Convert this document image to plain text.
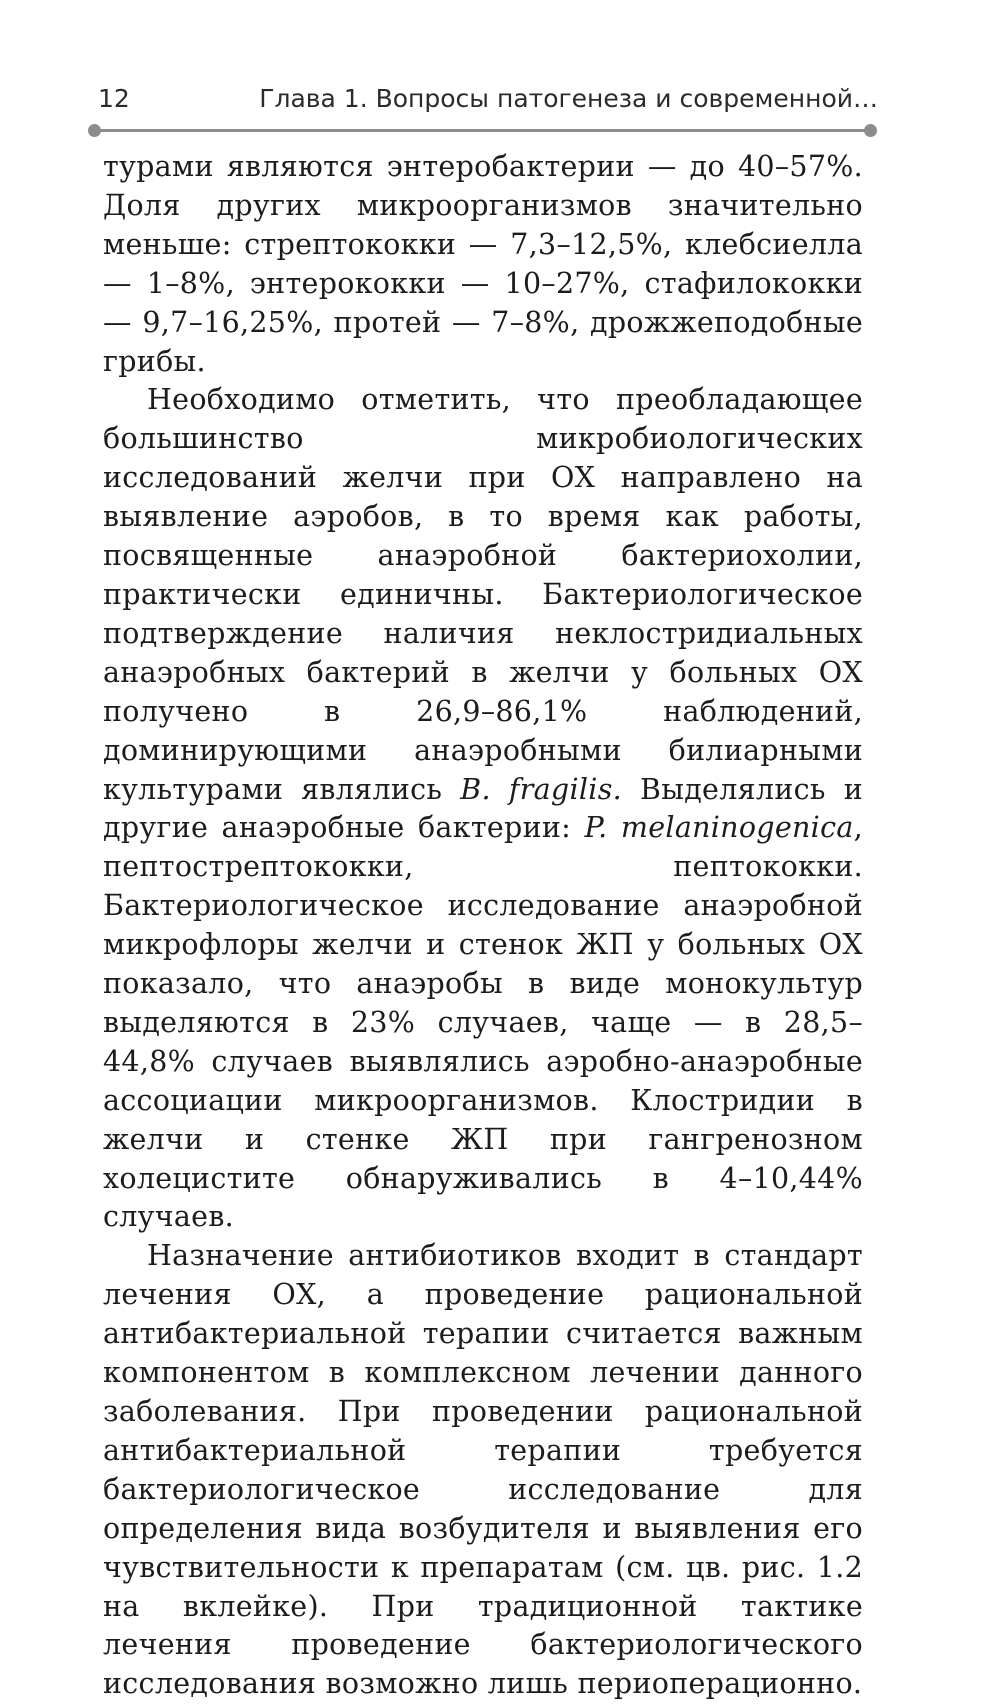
12	Глава 1. Вопросы патогенеза и современной…

турами являются энтеробактерии — до 40–57%. Доля других микроорганизмов значительно меньше: стрептококки — 7,3–12,5%, клебсиелла — 1–8%, энтерококки — 10–27%, стафилококки — 9,7–16,25%, протей — 7–8%, дрожжеподобные грибы.

Необходимо отметить, что преобладающее большинство микробиологических исследований желчи при ОХ направлено на выявление аэробов, в то время как работы, посвященные анаэробной бактериохолии, практически единичны. Бактериологическое подтверждение наличия неклостридиальных анаэробных бактерий в желчи у больных ОХ получено в 26,9–86,1% наблюдений, доминирующими анаэробными билиарными культурами являлись B. fragilis. Выделялись и другие анаэробные бактерии: P. melaninogenica, пептострептококки, пептококки. Бактериологическое исследование анаэробной микрофлоры желчи и стенок ЖП у больных ОХ показало, что анаэробы в виде монокультур выделяются в 23% случаев, чаще — в 28,5–44,8% случаев выявлялись аэробно-анаэробные ассоциации микроорганизмов. Клостридии в желчи и стенке ЖП при гангренозном холецистите обнаруживались в 4–10,44% случаев.

Назначение антибиотиков входит в стандарт лечения ОХ, а проведение рациональной антибактериальной терапии считается важным компонентом в комплексном лечении данного заболевания. При проведении рациональной антибактериальной терапии требуется бактериологическое исследование для определения вида возбудителя и выявления его чувствительности к препаратам (см. цв. рис. 1.2 на вклейке). При традиционной тактике лечения проведение бактериологического исследования возможно лишь периоперационно.
